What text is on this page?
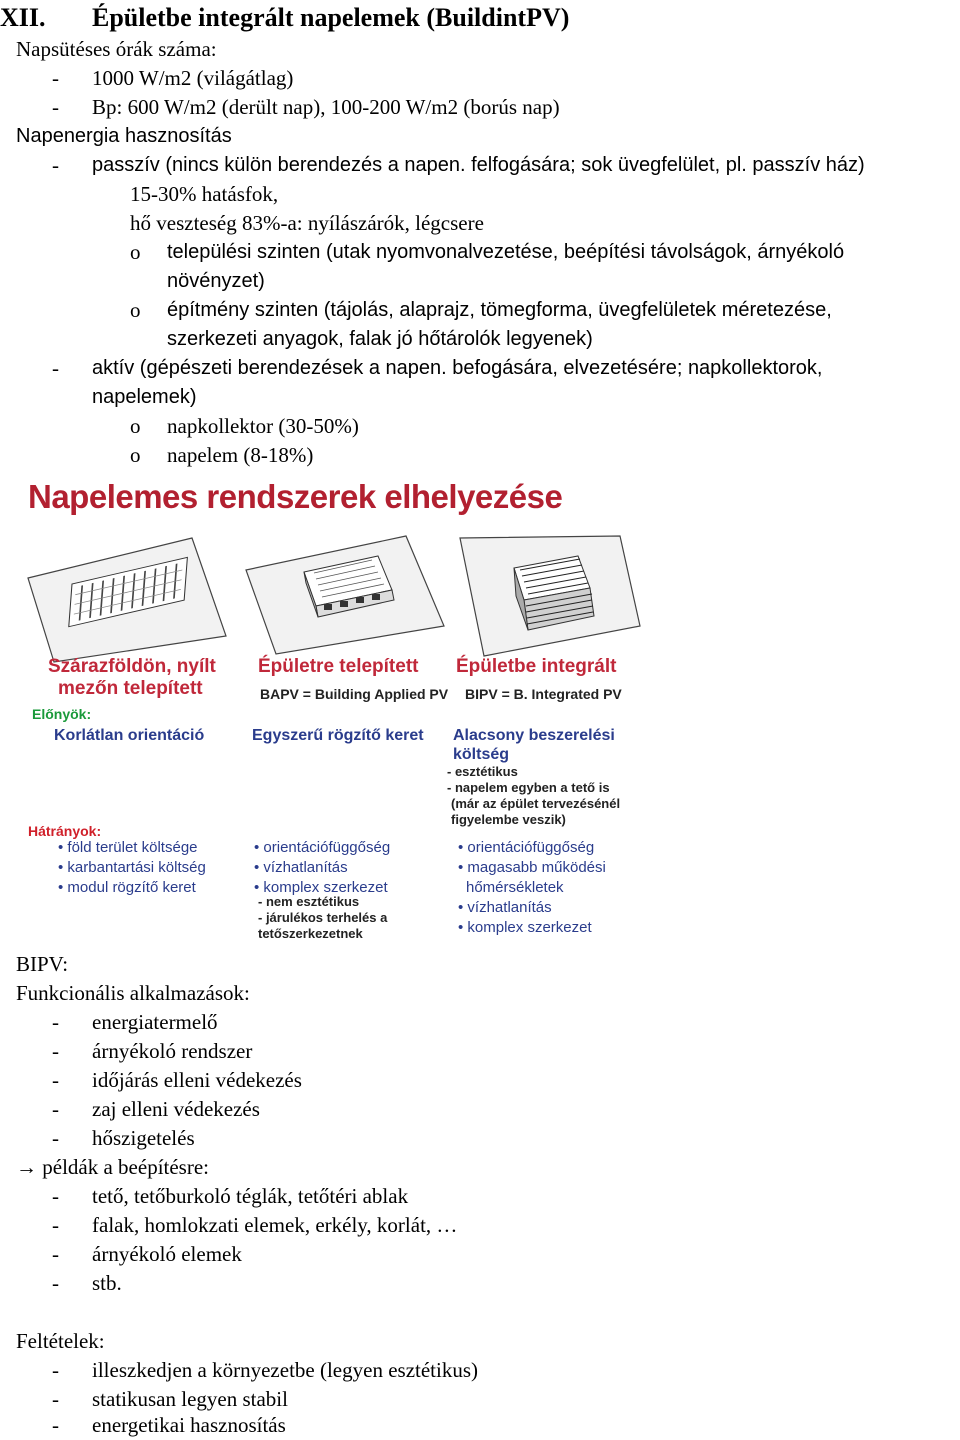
XII. Épületbe integrált napelemek (BuildintPV)
Napsütéses órák száma:
- 1000 W/m2 (világátlag)
- Bp: 600 W/m2 (derült nap), 100-200 W/m2 (borús nap)
Napenergia hasznosítás
- passzív (nincs külön berendezés a napen. felfogására; sok üvegfelület, pl. passzív ház)
15-30% hatásfok,
hő veszteség 83%-a: nyílászárók, légcsere
o települési szinten (utak nyomvonalvezetése, beépítési távolságok, árnyékoló
növényzet)
o építmény szinten (tájolás, alaprajz, tömegforma, üvegfelületek méretezése,
szerkezeti anyagok, falak jó hőtárolók legyenek)
- aktív (gépészeti berendezések a napen. befogására, elvezetésére; napkollektorok,
napelemek)
o napkollektor (30-50%)
o napelem (8-18%)
Napelemes rendszerek elhelyezése
Szárazföldön, nyílt
mezőn telepített
Épületre telepített
BAPV = Building Applied PV
Épületbe integrált
BIPV = B. Integrated PV
Előnyök:
Korlátlan orientáció	Egyszerű rögzítő keret Alacsony beszerelési
költség
- esztétikus
- napelem egyben a tető is
(már az épület tervezésénél
figyelembe veszik)
Hátrányok:
• föld terület költsége
• karbantartási költség
• modul rögzítő keret
• orientációfüggőség
• vízhatlanítás
• komplex szerkezet
- nem esztétikus
- járulékos terhelés a
tetőszerkezetnek
• orientációfüggőség
• magasabb működési
hőmérsékletek
• vízhatlanítás
• komplex szerkezet
BIPV:
Funkcionális alkalmazások:
- energiatermelő
- árnyékoló rendszer
- időjárás elleni védekezés
- zaj elleni védekezés
- hőszigetelés
→ példák a beépítésre:
- tető, tetőburkoló téglák, tetőtéri ablak
- falak, homlokzati elemek, erkély, korlát, …
- árnyékoló elemek
- stb.
Feltételek:
- illeszkedjen a környezetbe (legyen esztétikus)
- statikusan legyen stabil
- energetikai hasznosítás
